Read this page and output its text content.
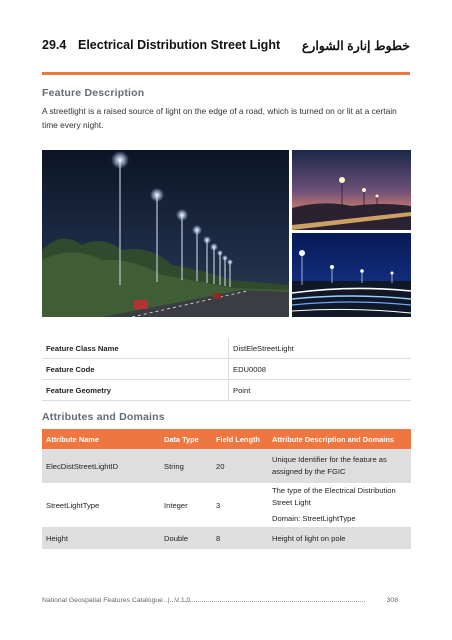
29.4 Electrical Distribution Street Light خطوط إنارة الشوارع
Feature Description
A streetlight is a raised source of light on the edge of a road, which is turned on or lit at a certain time every night.
Feature Class Name	DistEleStreetLight
Feature Code	EDU0008
Feature Geometry	Point
Attributes and Domains
Attribute Name	Data Type	Field Length	Attribute Description and Domains
ElecDistStreetLightID	String	20	Unique Identifier for the feature as assigned by the FGIC
StreetLightType	Integer	3	The type of the Electrical Distribution Street Light
Domain: StreetLightType

Height	Double	8	Height of light on pole
National Geospatial Features Catalogue | V 1.0	308
